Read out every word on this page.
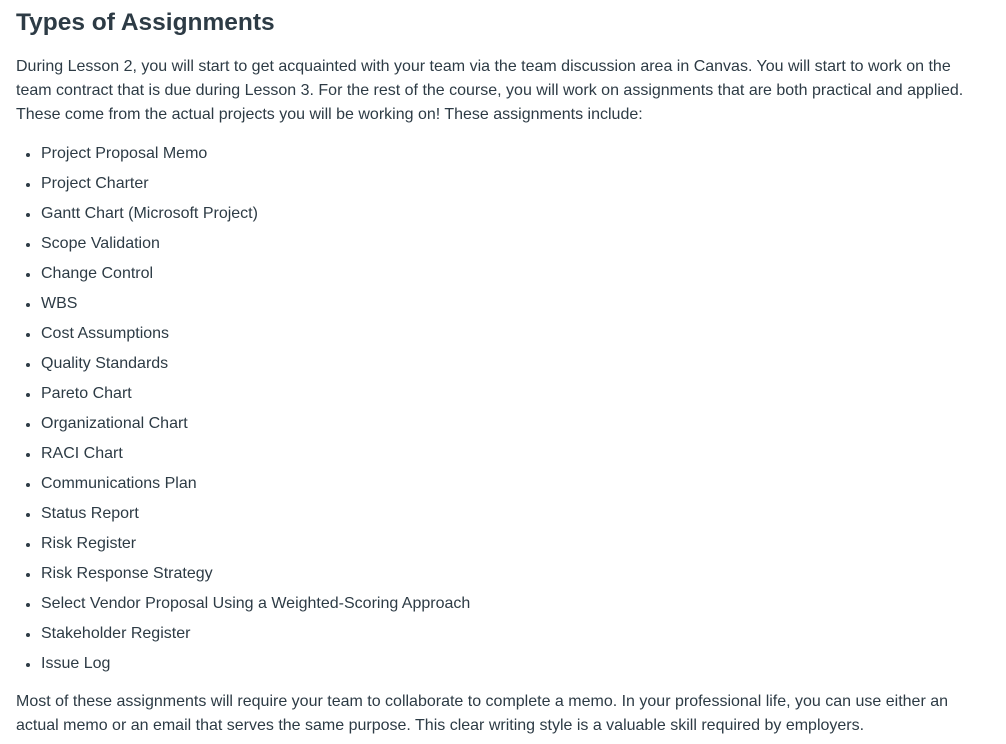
Types of Assignments

During Lesson 2, you will start to get acquainted with your team via the team discussion area in Canvas. You will start to work on the team contract that is due during Lesson 3. For the rest of the course, you will work on assignments that are both practical and applied. These come from the actual projects you will be working on! These assignments include:

Project Proposal Memo
Project Charter
Gantt Chart (Microsoft Project)
Scope Validation
Change Control
WBS
Cost Assumptions
Quality Standards
Pareto Chart
Organizational Chart
RACI Chart
Communications Plan
Status Report
Risk Register
Risk Response Strategy
Select Vendor Proposal Using a Weighted-Scoring Approach
Stakeholder Register
Issue Log

Most of these assignments will require your team to collaborate to complete a memo. In your professional life, you can use either an actual memo or an email that serves the same purpose. This clear writing style is a valuable skill required by employers.
